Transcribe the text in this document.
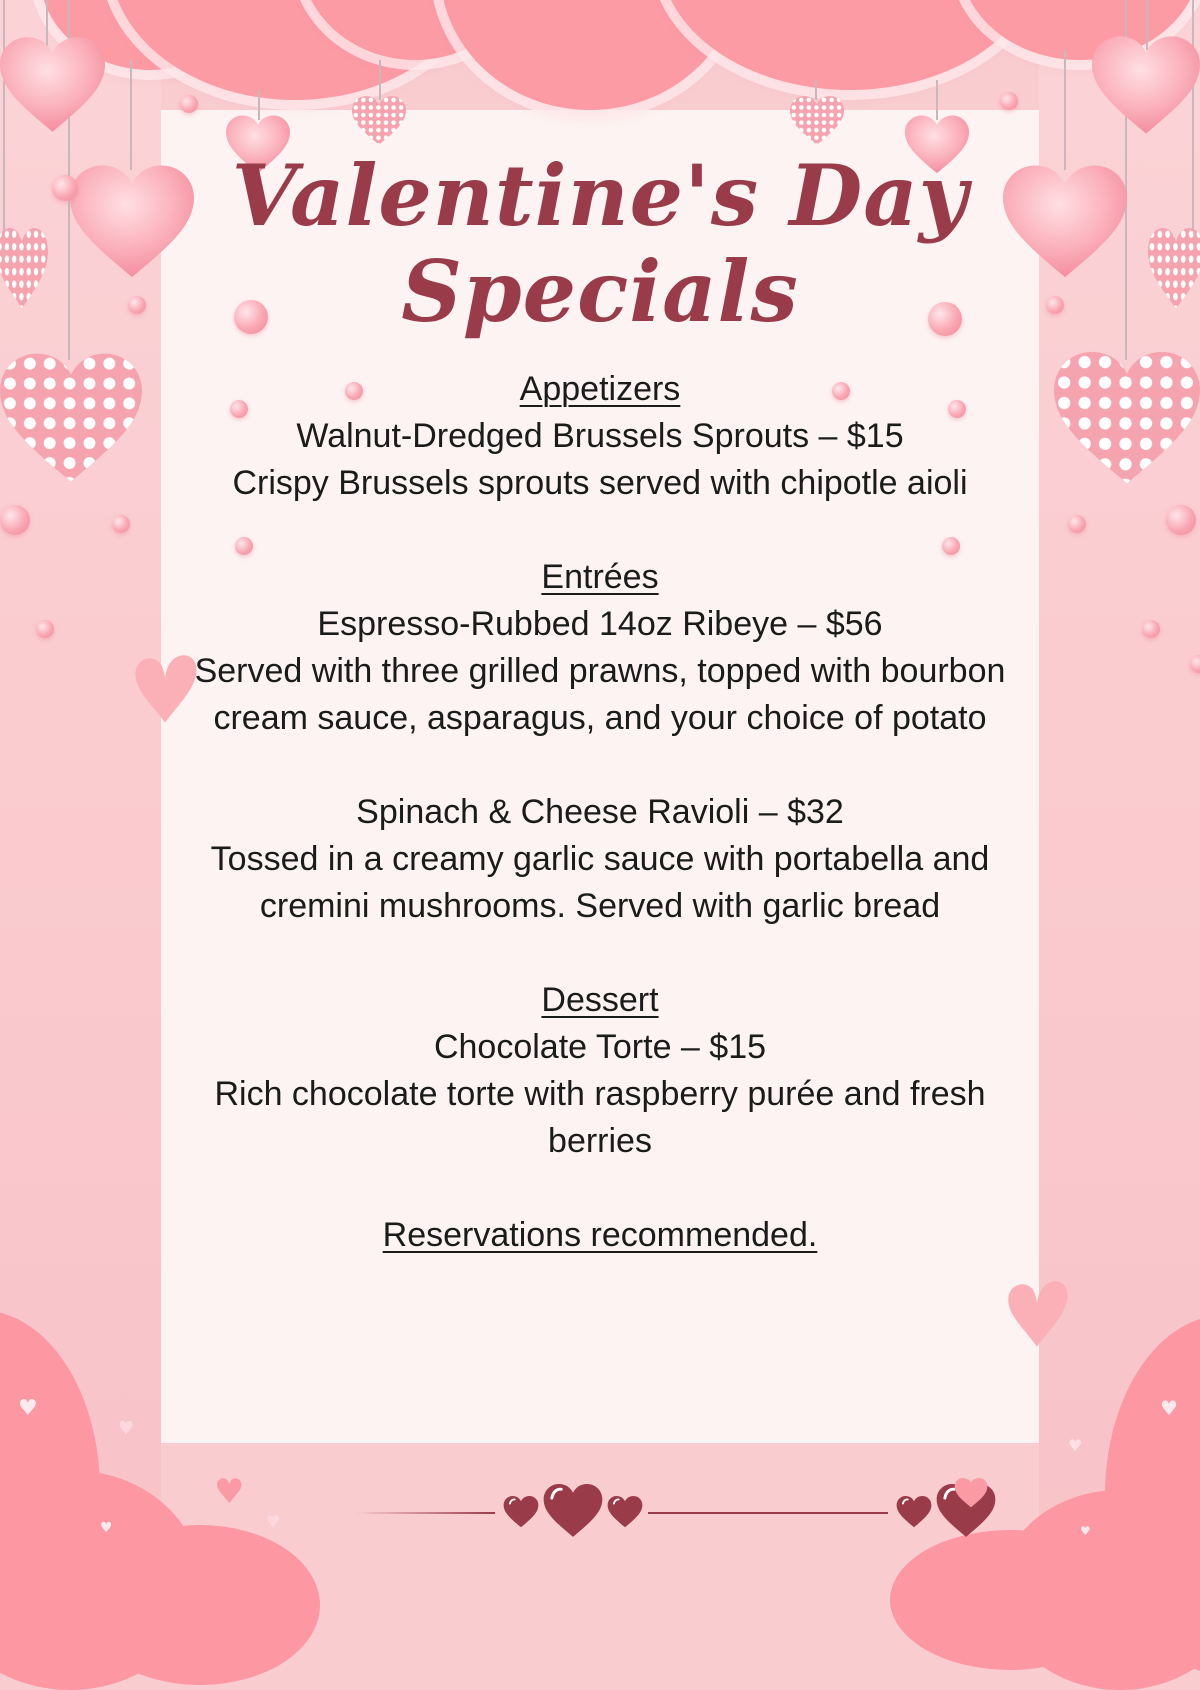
♥
♥
♥
♥
♥
♥
♥
♥
Valentine's Day
Specials
Appetizers
Walnut-Dredged Brussels Sprouts – $15
Crispy Brussels sprouts served with chipotle aioli
Entrées
Espresso-Rubbed 14oz Ribeye – $56
Served with three grilled prawns, topped with bourbon cream sauce, asparagus, and your choice of potato
Spinach & Cheese Ravioli – $32
Tossed in a creamy garlic sauce with portabella and cremini mushrooms. Served with garlic bread
Dessert
Chocolate Torte – $15
Rich chocolate torte with raspberry purée and fresh berries
Reservations recommended.
